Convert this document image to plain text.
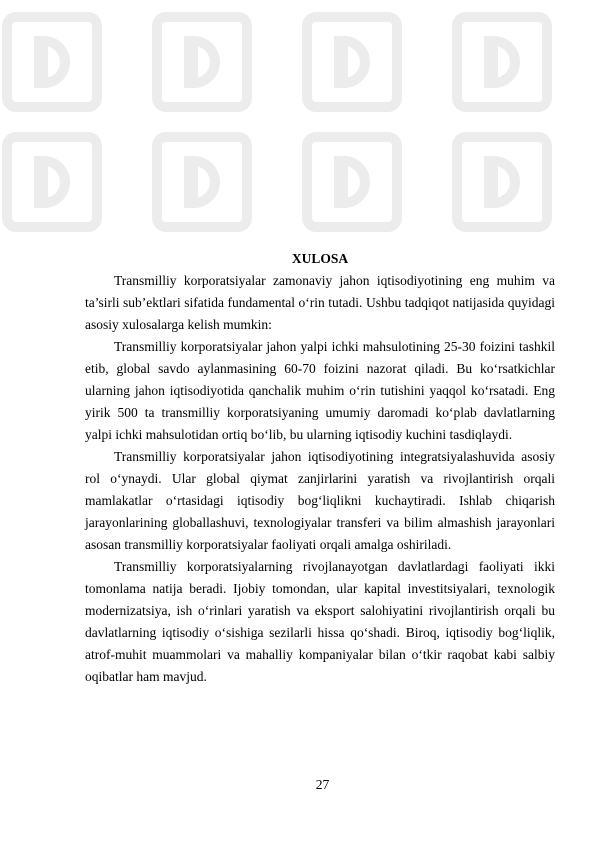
XULOSA

Transmilliy korporatsiyalar zamonaviy jahon iqtisodiyotining eng muhim va ta’sirli sub’ektlari sifatida fundamental o‘rin tutadi. Ushbu tadqiqot natijasida quyidagi asosiy xulosalarga kelish mumkin:

Transmilliy korporatsiyalar jahon yalpi ichki mahsulotining 25-30 foizini tashkil etib, global savdo aylanmasining 60-70 foizini nazorat qiladi. Bu ko‘rsatkichlar ularning jahon iqtisodiyotida qanchalik muhim o‘rin tutishini yaqqol ko‘rsatadi. Eng yirik 500 ta transmilliy korporatsiyaning umumiy daromadi ko‘plab davlatlarning yalpi ichki mahsulotidan ortiq bo‘lib, bu ularning iqtisodiy kuchini tasdiqlaydi.

Transmilliy korporatsiyalar jahon iqtisodiyotining integratsiyalashuvida asosiy rol o‘ynaydi. Ular global qiymat zanjirlarini yaratish va rivojlantirish orqali mamlakatlar o‘rtasidagi iqtisodiy bog‘liqlikni kuchaytiradi. Ishlab chiqarish jarayonlarining globallashuvi, texnologiyalar transferi va bilim almashish jarayonlari asosan transmilliy korporatsiyalar faoliyati orqali amalga oshiriladi.

Transmilliy korporatsiyalarning rivojlanayotgan davlatlardagi faoliyati ikki tomonlama natija beradi. Ijobiy tomondan, ular kapital investitsiyalari, texnologik modernizatsiya, ish o‘rinlari yaratish va eksport salohiyatini rivojlantirish orqali bu davlatlarning iqtisodiy o‘sishiga sezilarli hissa qo‘shadi. Biroq, iqtisodiy bog‘liqlik, atrof-muhit muammolari va mahalliy kompaniyalar bilan o‘tkir raqobat kabi salbiy oqibatlar ham mavjud.

27
